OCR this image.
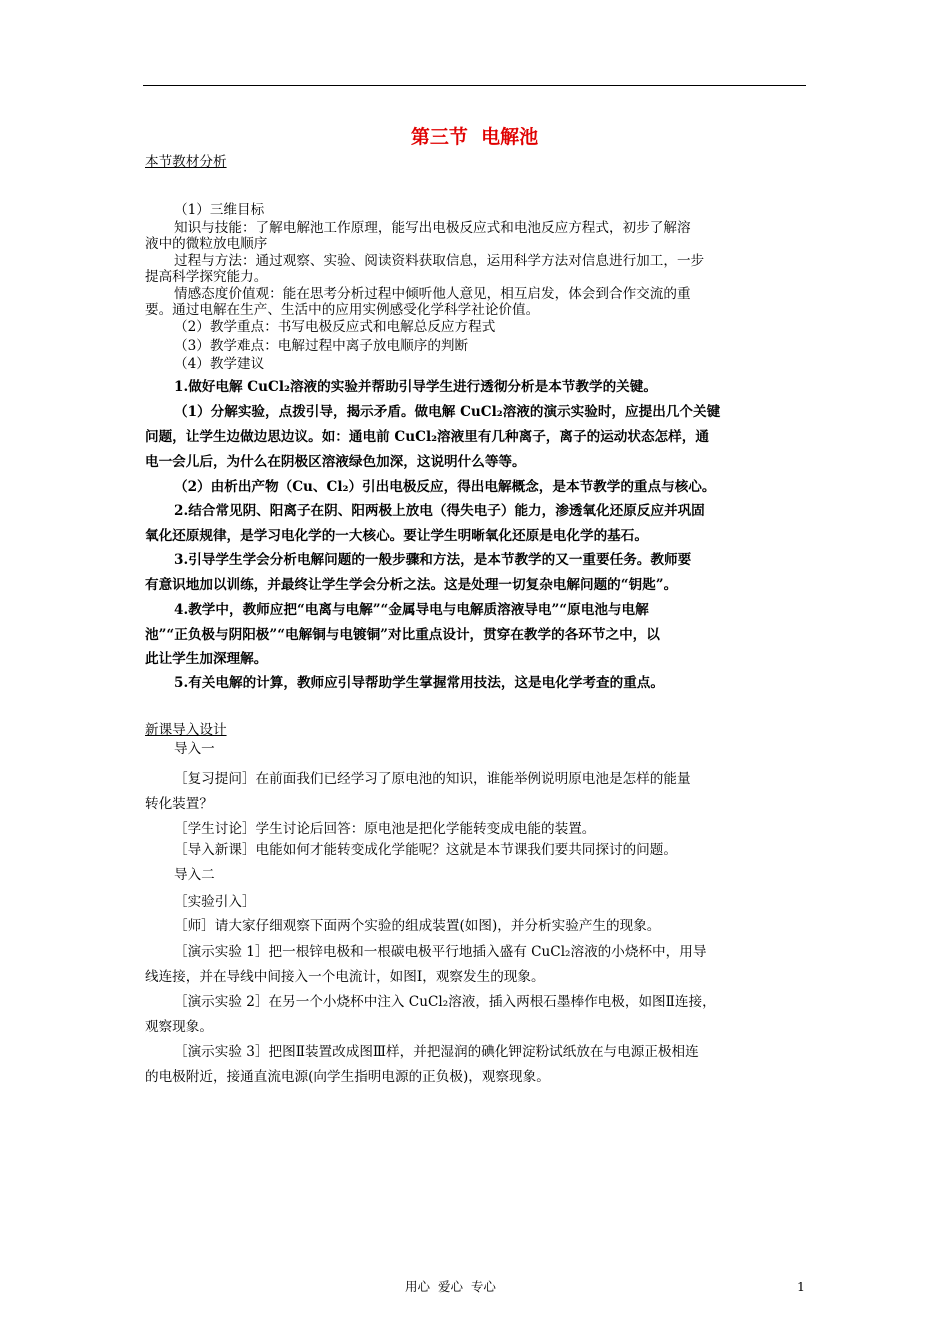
第三节  电解池
本节教材分析
（1）三维目标
知识与技能：了解电解池工作原理，能写出电极反应式和电池反应方程式，初步了解溶
液中的微粒放电顺序
过程与方法：通过观察、实验、阅读资料获取信息，运用科学方法对信息进行加工，一步
提高科学探究能力。
情感态度价值观：能在思考分析过程中倾听他人意见，相互启发，体会到合作交流的重
要。通过电解在生产、生活中的应用实例感受化学科学社论价值。
（2）教学重点：书写电极反应式和电解总反应方程式
（3）教学难点：电解过程中离子放电顺序的判断
（4）教学建议
1.做好电解 CuCl₂溶液的实验并帮助引导学生进行透彻分析是本节教学的关键。
（1）分解实验，点拨引导，揭示矛盾。做电解 CuCl₂溶液的演示实验时，应提出几个关键
问题，让学生边做边思边议。如：通电前 CuCl₂溶液里有几种离子，离子的运动状态怎样，通
电一会儿后，为什么在阴极区溶液绿色加深，这说明什么等等。
（2）由析出产物（Cu、Cl₂）引出电极反应，得出电解概念，是本节教学的重点与核心。
2.结合常见阴、阳离子在阴、阳两极上放电（得失电子）能力，渗透氧化还原反应并巩固
氧化还原规律，是学习电化学的一大核心。要让学生明晰氧化还原是电化学的基石。
3.引导学生学会分析电解问题的一般步骤和方法，是本节教学的又一重要任务。教师要
有意识地加以训练，并最终让学生学会分析之法。这是处理一切复杂电解问题的“钥匙”。
4.教学中，教师应把“电离与电解”“金属导电与电解质溶液导电”“原电池与电解
池”“正负极与阴阳极”“电解铜与电镀铜”对比重点设计，贯穿在教学的各环节之中，以
此让学生加深理解。
5.有关电解的计算，教师应引导帮助学生掌握常用技法，这是电化学考查的重点。
新课导入设计
导入一
［复习提问］在前面我们已经学习了原电池的知识，谁能举例说明原电池是怎样的能量
转化装置？
［学生讨论］学生讨论后回答：原电池是把化学能转变成电能的装置。
［导入新课］电能如何才能转变成化学能呢？这就是本节课我们要共同探讨的问题。
导入二
［实验引入］
［师］请大家仔细观察下面两个实验的组成装置(如图)，并分析实验产生的现象。
［演示实验 1］把一根锌电极和一根碳电极平行地插入盛有 CuCl₂溶液的小烧杯中，用导
线连接，并在导线中间接入一个电流计，如图Ⅰ，观察发生的现象。
［演示实验 2］在另一个小烧杯中注入 CuCl₂溶液，插入两根石墨棒作电极，如图Ⅱ连接，
观察现象。
［演示实验 3］把图Ⅱ装置改成图Ⅲ样，并把湿润的碘化钾淀粉试纸放在与电源正极相连
的电极附近，接通直流电源(向学生指明电源的正负极)，观察现象。
用心  爱心  专心	1
